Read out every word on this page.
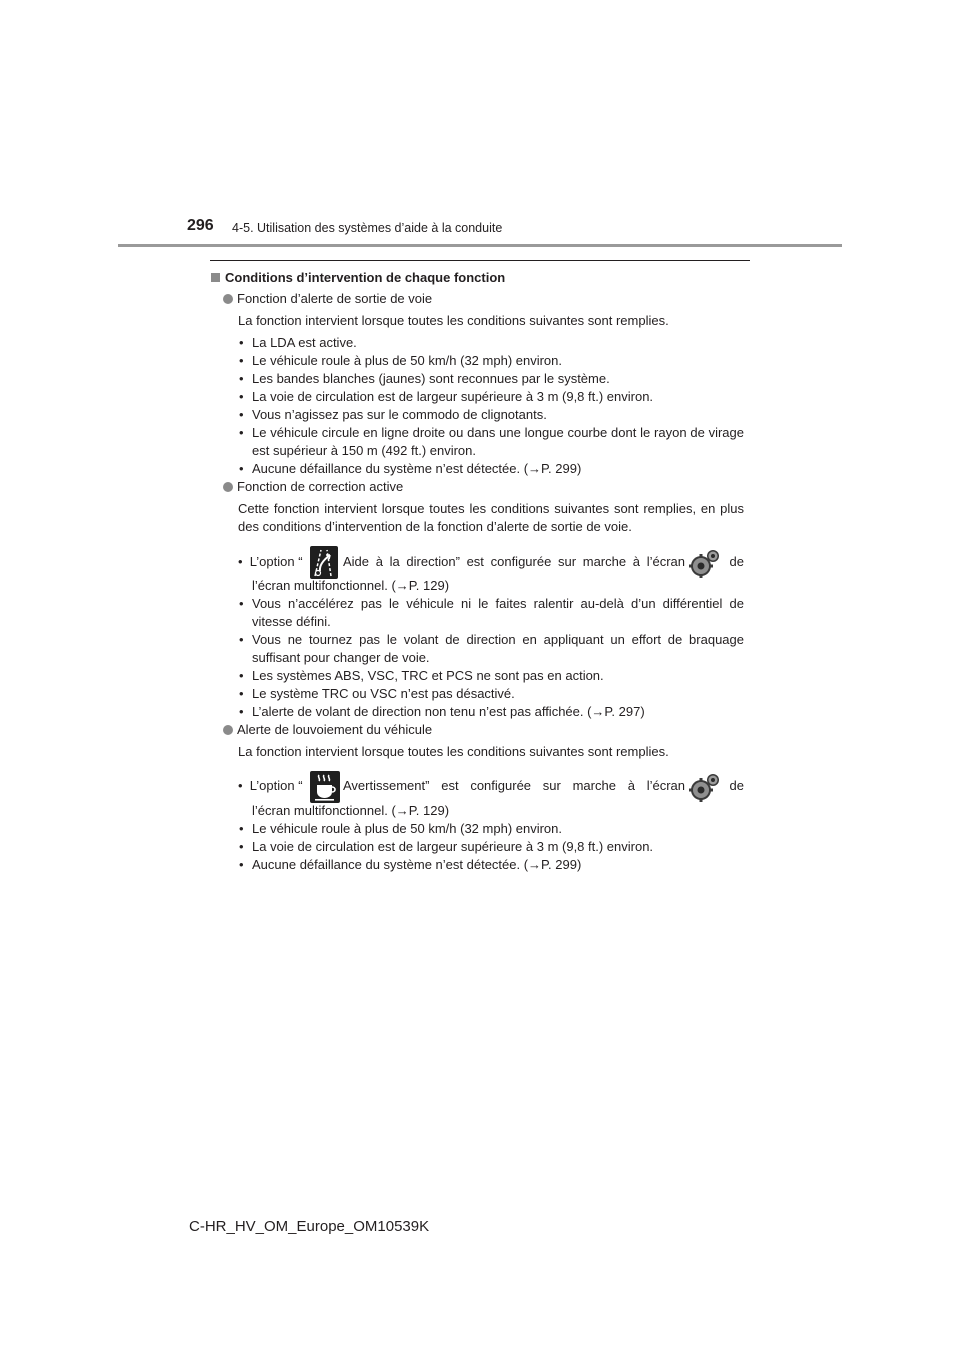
296 4-5. Utilisation des systèmes d’aide à la conduite
Conditions d’intervention de chaque fonction
Fonction d’alerte de sortie de voie
La fonction intervient lorsque toutes les conditions suivantes sont remplies.
• La LDA est active.
• Le véhicule roule à plus de 50 km/h (32 mph) environ.
• Les bandes blanches (jaunes) sont reconnues par le système.
• La voie de circulation est de largeur supérieure à 3 m (9,8 ft.) environ.
• Vous n’agissez pas sur le commodo de clignotants.
• Le véhicule circule en ligne droite ou dans une longue courbe dont le rayon de virage est supérieur à 150 m (492 ft.) environ.
• Aucune défaillance du système n’est détectée. (→P. 299)
Fonction de correction active
Cette fonction intervient lorsque toutes les conditions suivantes sont remplies, en plus des conditions d’intervention de la fonction d’alerte de sortie de voie.
•  L’option “	Aide à la direction” est configurée sur marche à l’écran	de
l’écran multifonctionnel. (→P. 129)
• Vous n’accélérez pas le véhicule ni le faites ralentir au-delà d’un différentiel de vitesse défini.
• Vous ne tournez pas le volant de direction en appliquant un effort de braquage suffisant pour changer de voie.
• Les systèmes ABS, VSC, TRC et PCS ne sont pas en action.
• Le système TRC ou VSC n’est pas désactivé.
• L’alerte de volant de direction non tenu n’est pas affichée. (→P. 297)
Alerte de louvoiement du véhicule
La fonction intervient lorsque toutes les conditions suivantes sont remplies.
•  L’option “	Avertissement” est configurée sur marche à l’écran	de
l’écran multifonctionnel. (→P. 129)
• Le véhicule roule à plus de 50 km/h (32 mph) environ.
• La voie de circulation est de largeur supérieure à 3 m (9,8 ft.) environ.
• Aucune défaillance du système n’est détectée. (→P. 299)
C-HR_HV_OM_Europe_OM10539K
